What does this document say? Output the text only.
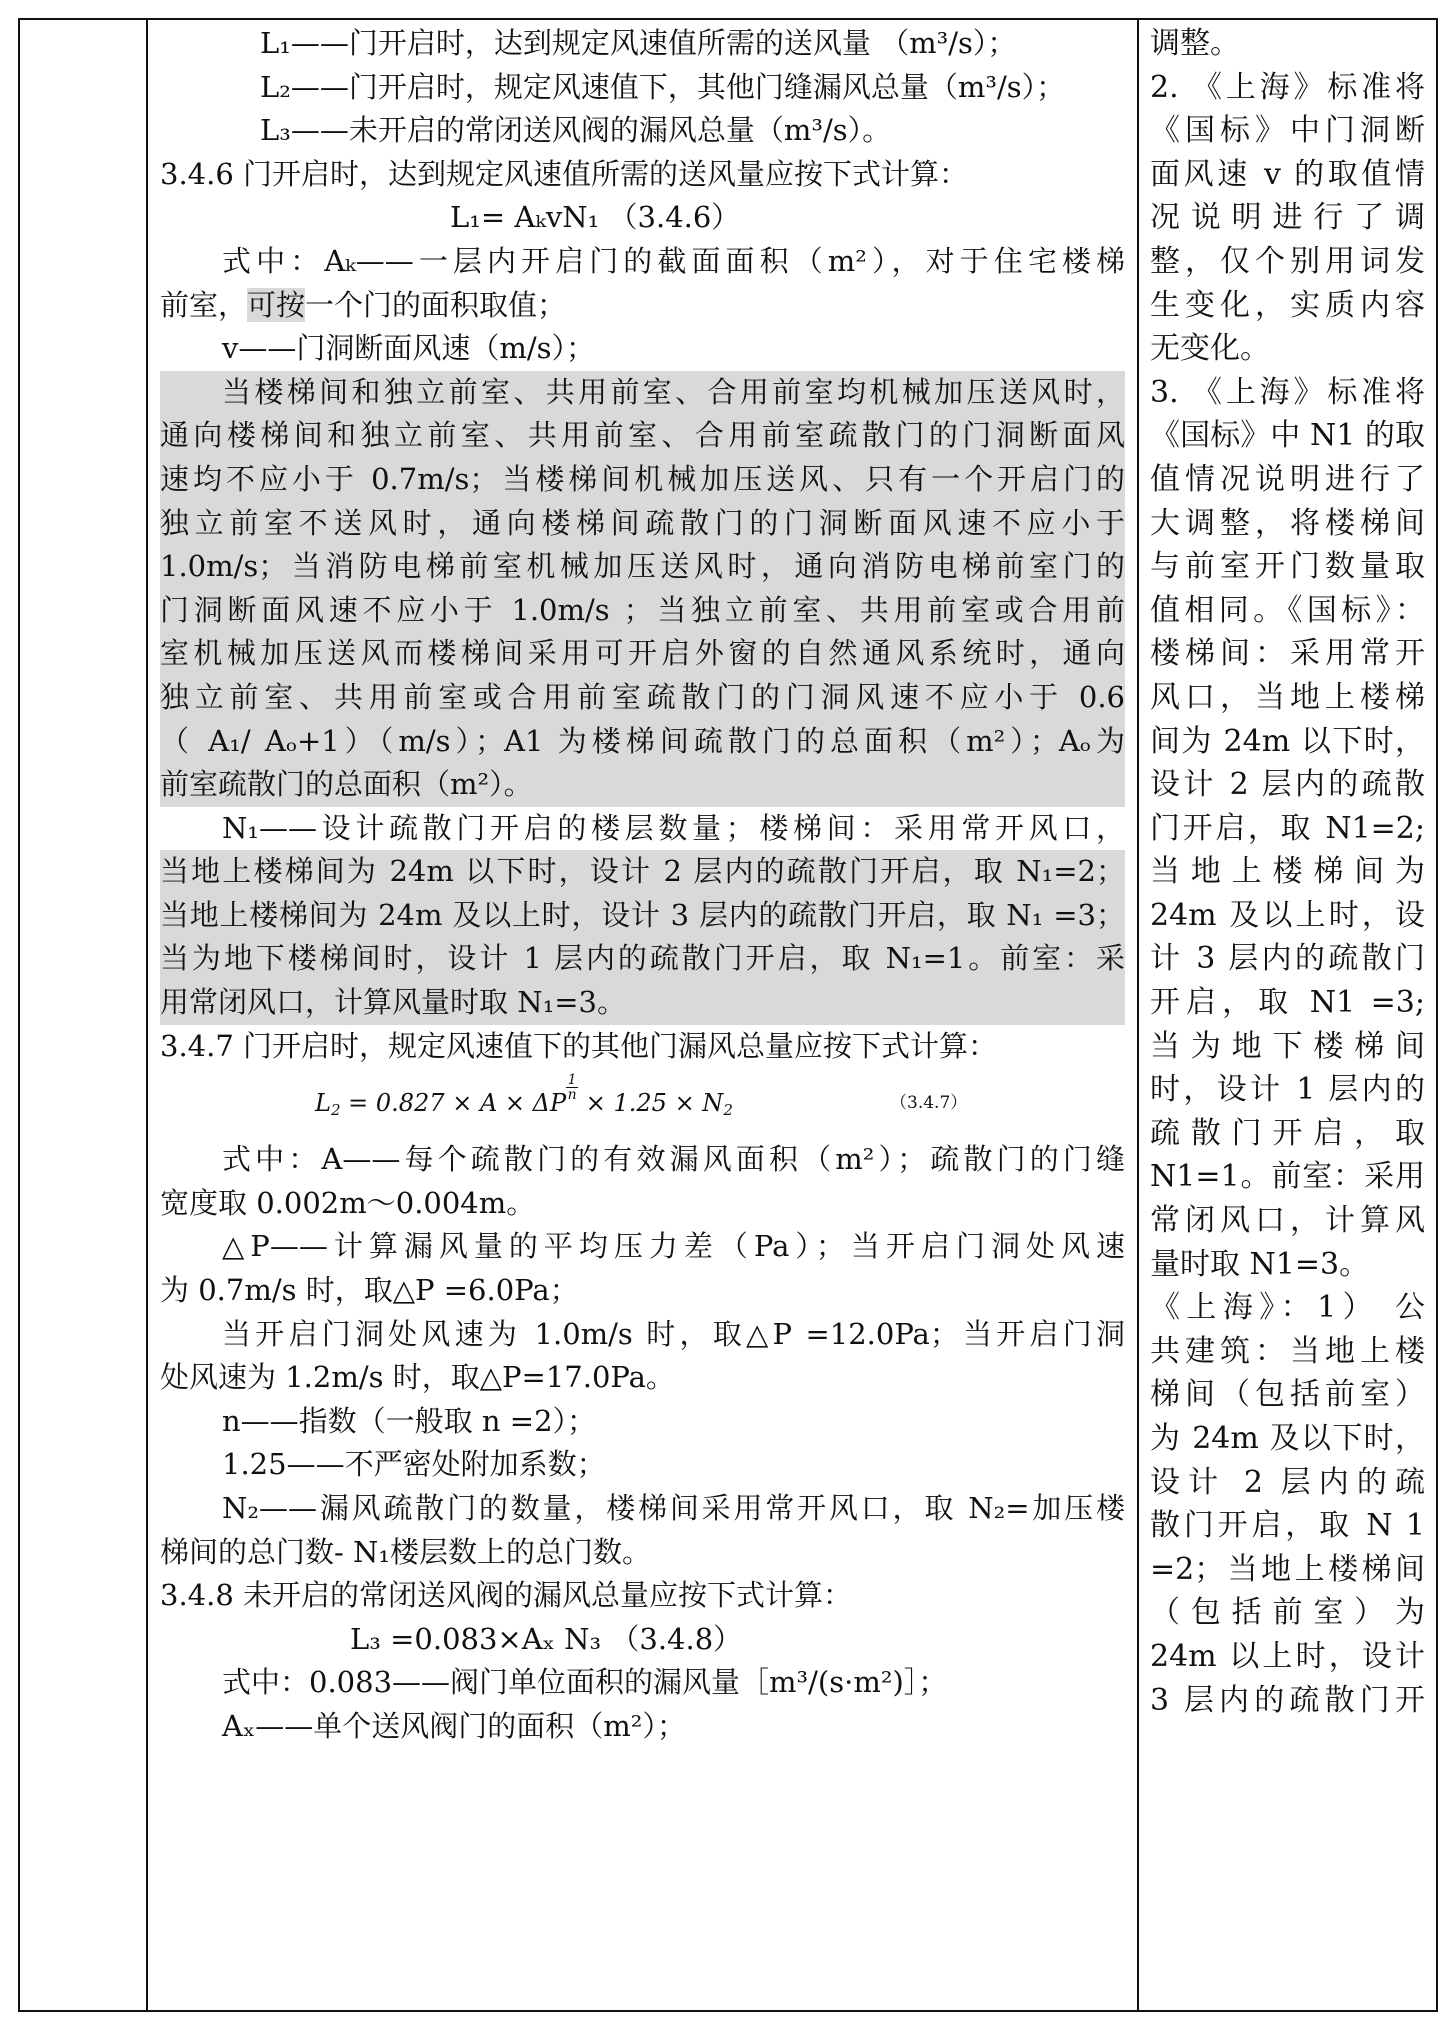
L₁——门开启时，达到规定风速值所需的送风量 （m³/s）；
L₂——门开启时，规定风速值下，其他门缝漏风总量（m³/s）；
L₃——未开启的常闭送风阀的漏风总量（m³/s）。
3.4.6 门开启时，达到规定风速值所需的送风量应按下式计算：
L₁= AₖvN₁ （3.4.6）
式中：Aₖ——一层内开启门的截面面积（m²），对于住宅楼梯
前室，可按一个门的面积取值；
v——门洞断面风速（m/s）；
当楼梯间和独立前室、共用前室、合用前室均机械加压送风时，
通向楼梯间和独立前室、共用前室、合用前室疏散门的门洞断面风
速均不应小于 0.7m/s；当楼梯间机械加压送风、只有一个开启门的
独立前室不送风时，通向楼梯间疏散门的门洞断面风速不应小于
1.0m/s；当消防电梯前室机械加压送风时，通向消防电梯前室门的
门洞断面风速不应小于 1.0m/s ；当独立前室、共用前室或合用前
室机械加压送风而楼梯间采用可开启外窗的自然通风系统时，通向
独立前室、共用前室或合用前室疏散门的门洞风速不应小于 0.6
（ A₁/ Aₒ+1）（m/s）；A1 为楼梯间疏散门的总面积（m²）；Aₒ为
前室疏散门的总面积（m²）。
N₁——设计疏散门开启的楼层数量；楼梯间：采用常开风口，
当地上楼梯间为 24m 以下时，设计 2 层内的疏散门开启，取 N₁=2；
当地上楼梯间为 24m 及以上时，设计 3 层内的疏散门开启，取 N₁ =3；
当为地下楼梯间时，设计 1 层内的疏散门开启，取 N₁=1。前室：采
用常闭风口，计算风量时取 N₁=3。
3.4.7 门开启时，规定风速值下的其他门漏风总量应按下式计算：
$L_2 = 0.827 \times A \times \Delta P$
$\frac{1}{n}$
× $1.25 \times N_2$	（3.4.7）
式中：A——每个疏散门的有效漏风面积（m²）；疏散门的门缝
宽度取 0.002m～0.004m。
△P——计算漏风量的平均压力差（Pa）；当开启门洞处风速
为 0.7m/s 时，取△P =6.0Pa；
当开启门洞处风速为 1.0m/s 时，取△P =12.0Pa；当开启门洞
处风速为 1.2m/s 时，取△P=17.0Pa。
n——指数（一般取 n =2）；
1.25——不严密处附加系数；
N₂——漏风疏散门的数量，楼梯间采用常开风口，取 N₂=加压楼
梯间的总门数- N₁楼层数上的总门数。
3.4.8 未开启的常闭送风阀的漏风总量应按下式计算：
L₃ =0.083×Aₓ N₃ （3.4.8）
式中：0.083——阀门单位面积的漏风量［m³/(s·m²)］；
Aₓ——单个送风阀门的面积（m²）；
调整。
2. 《上海》标准将
《国标》中门洞断
面风速 v 的取值情
况说明进行了调
整，仅个别用词发
生变化，实质内容
无变化。
3. 《上海》标准将
《国标》中 N1 的取
值情况说明进行了
大调整，将楼梯间
与前室开门数量取
值相同。《国标》：
楼梯间：采用常开
风口，当地上楼梯
间为 24m 以下时，
设计 2 层内的疏散
门开启，取 N1=2;
当地上楼梯间为
24m 及以上时，设
计 3 层内的疏散门
开启，取 N1 =3;
当为地下楼梯间
时，设计 1 层内的
疏散门开启，取
N1=1。前室：采用
常闭风口，计算风
量时取 N1=3。
《上海》：1） 公
共建筑：当地上楼
梯间（包括前室）
为 24m 及以下时，
设计 2 层内的疏
散门开启，取 N 1
=2；当地上楼梯间
（包括前室）为
24m 以上时，设计
3 层内的疏散门开
